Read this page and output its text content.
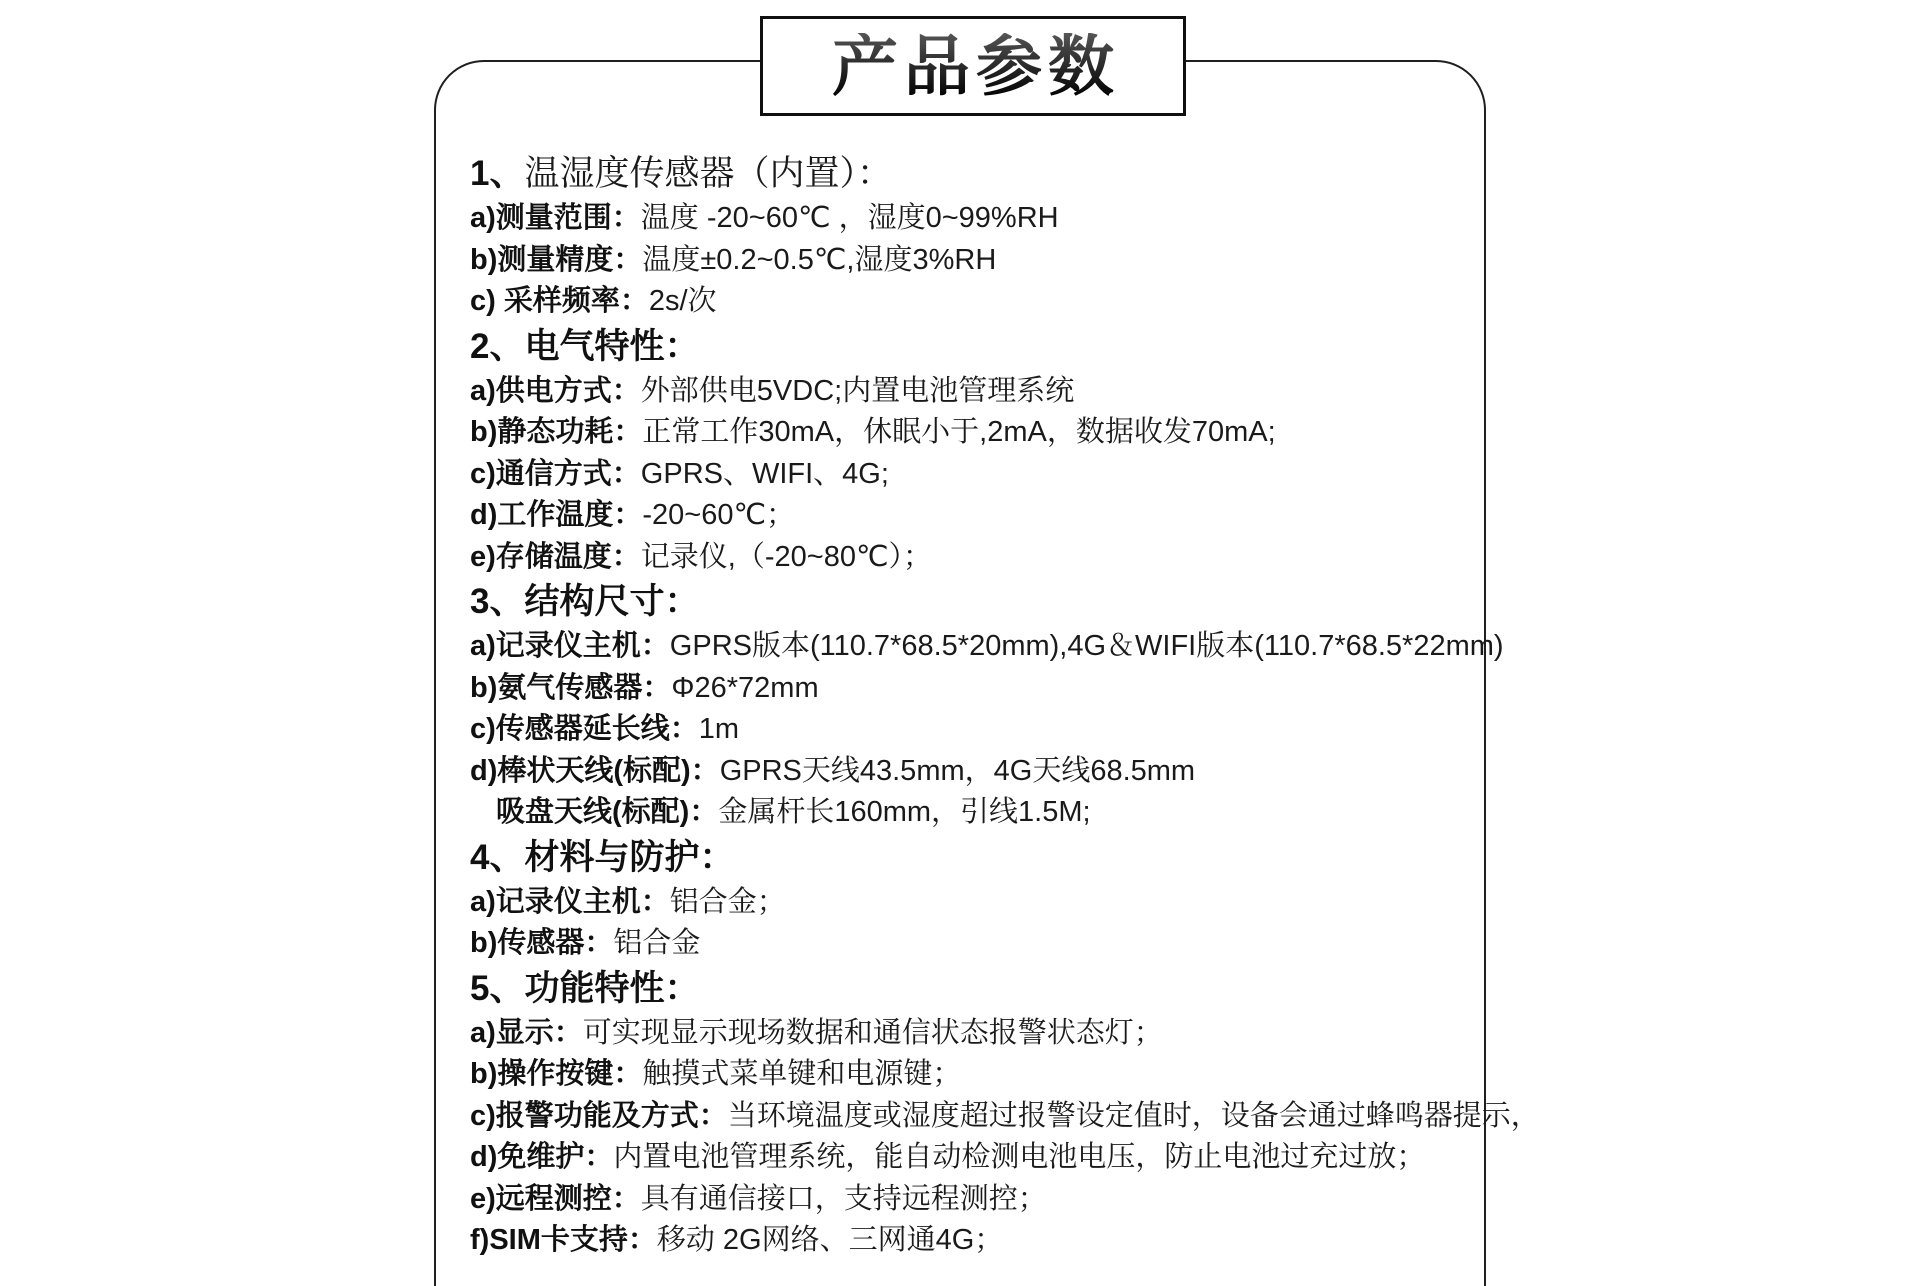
产品参数
1、温湿度传感器（内置）：
a)测量范围：温度 -20~60℃ ，湿度0~99%RH
b)测量精度：温度±0.2~0.5℃,湿度3%RH
c) 采样频率：2s/次
2、电气特性：
a)供电方式：外部供电5VDC;内置电池管理系统
b)静态功耗：正常工作30mA，休眠小于,2mA，数据收发70mA;
c)通信方式：GPRS、WIFI、4G;
d)工作温度：-20~60℃；
e)存储温度：记录仪,（-20~80℃）；
3、结构尺寸：
a)记录仪主机：GPRS版本(110.7*68.5*20mm),4G＆WIFI版本(110.7*68.5*22mm)
b)氨气传感器：Φ26*72mm
c)传感器延长线：1m
d)棒状天线(标配)：GPRS天线43.5mm，4G天线68.5mm
吸盘天线(标配)：金属杆长160mm，引线1.5M;
4、材料与防护：
a)记录仪主机：铝合金；
b)传感器：铝合金
5、功能特性：
a)显示：可实现显示现场数据和通信状态报警状态灯；
b)操作按键：触摸式菜单键和电源键；
c)报警功能及方式：当环境温度或湿度超过报警设定值时，设备会通过蜂鸣器提示，
d)免维护：内置电池管理系统，能自动检测电池电压，防止电池过充过放；
e)远程测控：具有通信接口，支持远程测控；
f)SIM卡支持：移动 2G网络、三网通4G；
